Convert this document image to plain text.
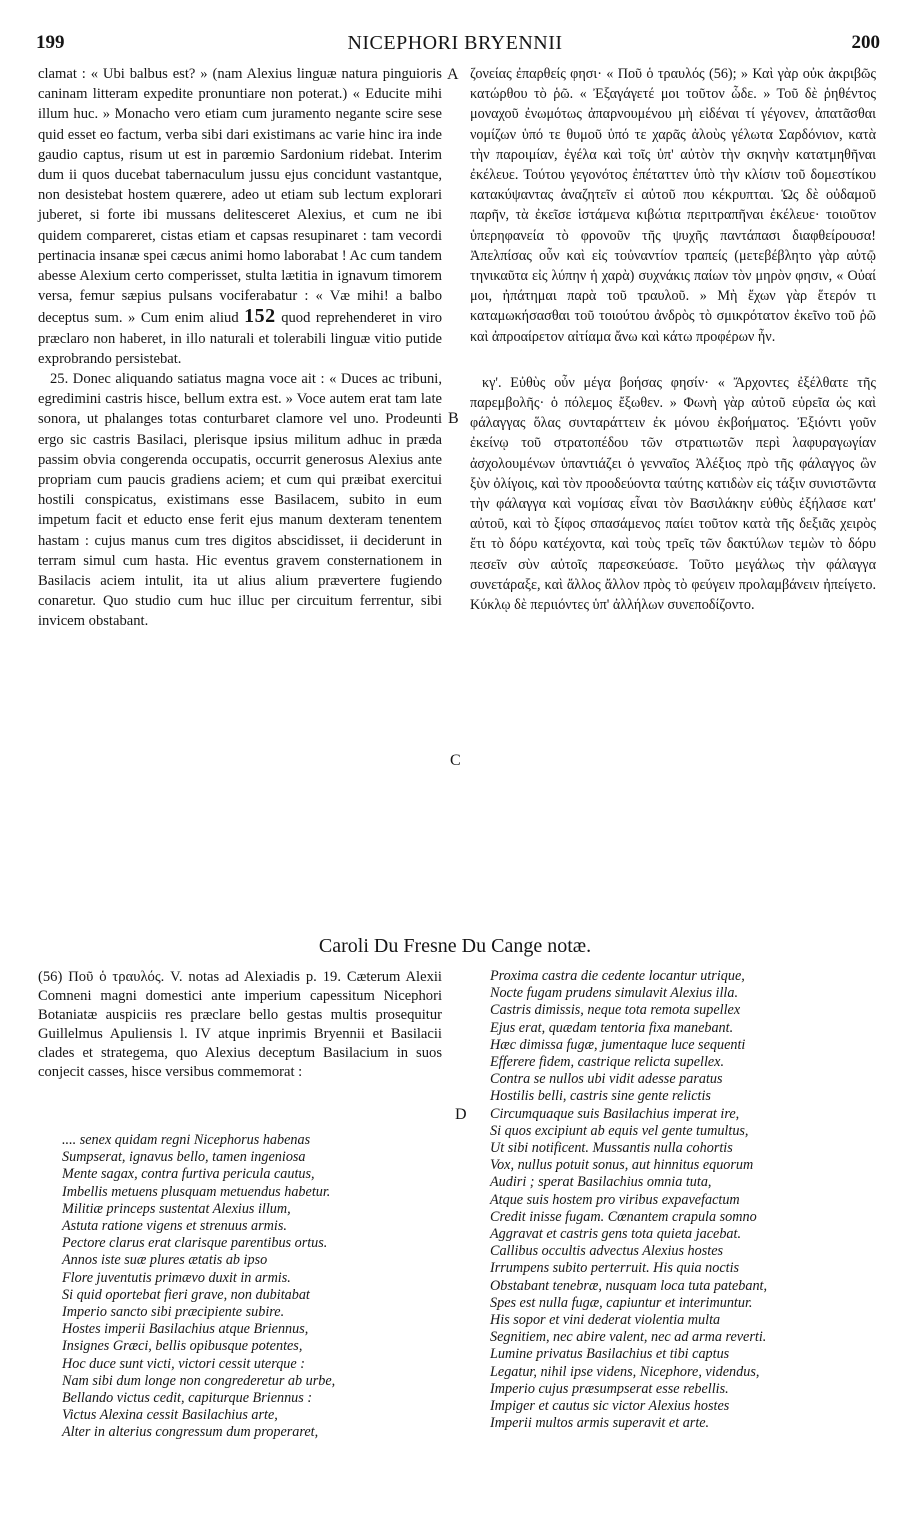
199	NICEPHORI BRYENNII	200
A
B
C
D

clamat : « Ubi balbus est? » (nam Alexius linguæ natura pinguioris caninam litteram expedite pronuntiare non poterat.) « Educite mihi illum huc. » Monacho vero etiam cum juramento negante scire sese quid esset eo factum, verba sibi dari existimans ac varie hinc ira inde gaudio captus, risum ut est in parœmio Sardonium ridebat. Interim dum ii quos ducebat tabernaculum jussu ejus concidunt vastantque, non desistebat hostem quærere, adeo ut etiam sub lectum explorari juberet, si forte ibi mussans delitesceret Alexius, et cum ne ibi quidem compareret, cistas etiam et capsas resupinaret : tam vecordi pertinacia insanæ spei cæcus animi homo laborabat ! Ac cum tandem abesse Alexium certo comperisset, stulta lætitia in ignavum timorem versa, femur sæpius pulsans vociferabatur : « Væ mihi! a balbo deceptus sum. » Cum enim aliud 152 quod reprehenderet in viro præclaro non haberet, in illo naturali et tolerabili linguæ vitio putide exprobrando persistebat.

25. Donec aliquando satiatus magna voce ait : « Duces ac tribuni, egredimini castris hisce, bellum extra est. » Voce autem erat tam late sonora, ut phalanges totas conturbaret clamore vel uno. Prodeunti ergo sic castris Basilaci, plerisque ipsius militum adhuc in præda passim obvia congerenda occupatis, occurrit generosus Alexius ante propriam cum paucis gradiens aciem; et cum qui præibat exercitui hostili conspicatus, existimans esse Basilacem, subito in eum impetum facit et educto ense ferit ejus manum dexteram tenentem hastam : cujus manus cum tres digitos abscidisset, ii deciderunt in terram simul cum hasta. Hic eventus gravem consternationem in Basilacis aciem intulit, ita ut alius alium prævertere fugiendo conaretur. Quo studio cum huc illuc per circuitum ferrentur, sibi invicem obstabant.

ζονείας ἐπαρθείς φησι· « Ποῦ ὁ τραυλός (56); » Καὶ γὰρ οὐκ ἀκριβῶς κατώρθου τὸ ῥῶ. « Ἐξαγάγετέ μοι τοῦτον ὧδε. » Τοῦ δὲ ῥηθέντος μοναχοῦ ἐνωμότως ἀπαρνουμένου μὴ εἰδέναι τί γέγονεν, ἀπατᾶσθαι νομίζων ὑπό τε θυμοῦ ὑπό τε χαρᾶς ἀλοὺς γέλωτα Σαρδόνιον, κατὰ τὴν παροιμίαν, ἐγέλα καὶ τοῖς ὑπ' αὐτὸν τὴν σκηνὴν κατατμηθῆναι ἐκέλευε. Τούτου γεγονότος ἐπέταττεν ὑπὸ τὴν κλίσιν τοῦ δομεστίκου κατακύψαντας ἀναζητεῖν εἰ αὐτοῦ που κέκρυπται. Ὡς δὲ οὐδαμοῦ παρῆν, τὰ ἐκεῖσε ἱστάμενα κιβώτια περιτραπῆναι ἐκέλευε· τοιοῦτον ὑπερηφανεία τὸ φρονοῦν τῆς ψυχῆς παντάπασι διαφθείρουσα! Ἀπελπίσας οὖν καὶ εἰς τοὐναντίον τραπείς (μετεβέβλητο γὰρ αὐτῷ τηνικαῦτα εἰς λύπην ἡ χαρὰ) συχνάκις παίων τὸν μηρὸν φησιν, « Οὐαί μοι, ἠπάτημαι παρὰ τοῦ τραυλοῦ. » Μὴ ἔχων γὰρ ἕτερόν τι καταμωκήσασθαι τοῦ τοιούτου ἀνδρὸς τὸ σμικρότατον ἐκεῖνο τοῦ ῥῶ καὶ ἀπροαίρετον αἰτίαμα ἄνω καὶ κάτω προφέρων ἦν.

κγ'. Εὐθὺς οὖν μέγα βοήσας φησίν· « Ἄρχοντες ἐξέλθατε τῆς παρεμβολῆς· ὁ πόλεμος ἔξωθεν. » Φωνὴ γὰρ αὐτοῦ εὑρεῖα ὡς καὶ φάλαγγας ὅλας συνταράττειν ἐκ μόνου ἐκβοήματος. Ἐξιόντι γοῦν ἐκείνῳ τοῦ στρατοπέδου τῶν στρατιωτῶν περὶ λαφυραγωγίαν ἀσχολουμένων ὑπαντιάζει ὁ γενναῖος Ἀλέξιος πρὸ τῆς φάλαγγος ὢν ξὺν ὀλίγοις, καὶ τὸν προοδεύοντα ταύτης κατιδὼν εἰς τάξιν συνιστῶντα τὴν φάλαγγα καὶ νομίσας εἶναι τὸν Βασιλάκην εὐθὺς ἐξήλασε κατ' αὐτοῦ, καὶ τὸ ξίφος σπασάμενος παίει τοῦτον κατὰ τῆς δεξιᾶς χειρὸς ἔτι τὸ δόρυ κατέχοντα, καὶ τοὺς τρεῖς τῶν δακτύλων τεμὼν τὸ δόρυ πεσεῖν σὺν αὐτοῖς παρεσκεύασε. Τοῦτο μεγάλως τὴν φάλαγγα συνετάραξε, καὶ ἄλλος ἄλλον πρὸς τὸ φεύγειν προλαμβάνειν ἠπείγετο. Κύκλῳ δὲ περιιόντες ὑπ' ἀλλήλων συνεποδίζοντο.

Caroli Du Fresne Du Cange notæ.
(56) Ποῦ ὁ τραυλός. V. notas ad Alexiadis p. 19. Cæterum Alexii Comneni magni domestici ante imperium capessitum Nicephori Botaniatæ auspiciis res præclare bello gestas multis prosequitur Guillelmus Apuliensis l. IV atque inprimis Bryennii et Basilacii clades et strategema, quo Alexius deceptum Basilacium in suos conjecit casses, hisce versibus commemorat :
.... senex quidam regni Nicephorus habenas
Sumpserat, ignavus bello, tamen ingeniosa
Mente sagax, contra furtiva pericula cautus,
Imbellis metuens plusquam metuendus habetur.
Militiæ princeps sustentat Alexius illum,
Astuta ratione vigens et strenuus armis.
Pectore clarus erat clarisque parentibus ortus.
Annos iste suæ plures ætatis ab ipso
Flore juventutis primævo duxit in armis.
Si quid oportebat fieri grave, non dubitabat
Imperio sancto sibi præcipiente subire.
Hostes imperii Basilachius atque Briennus,
Insignes Græci, bellis opibusque potentes,
Hoc duce sunt victi, victori cessit uterque :
Nam sibi dum longe non congrederetur ab urbe,
Bellando victus cedit, capiturque Briennus :
Victus Alexina cessit Basilachius arte,
Alter in alterius congressum dum properaret,
Proxima castra die cedente locantur utrique,
Nocte fugam prudens simulavit Alexius illa.
Castris dimissis, neque tota remota supellex
Ejus erat, quædam tentoria fixa manebant.
Hæc dimissa fugæ, jumentaque luce sequenti
Efferere fidem, castrique relicta supellex.
Contra se nullos ubi vidit adesse paratus
Hostilis belli, castris sine gente relictis
Circumquaque suis Basilachius imperat ire,
Si quos excipiunt ab equis vel gente tumultus,
Ut sibi notificent. Mussantis nulla cohortis
Vox, nullus potuit sonus, aut hinnitus equorum
Audiri ; sperat Basilachius omnia tuta,
Atque suis hostem pro viribus expavefactum
Credit inisse fugam. Cœnantem crapula somno
Aggravat et castris gens tota quieta jacebat.
Callibus occultis advectus Alexius hostes
Irrumpens subito perterruit. His quia noctis
Obstabant tenebræ, nusquam loca tuta patebant,
Spes est nulla fugæ, capiuntur et interimuntur.
His sopor et vini dederat violentia multa
Segnitiem, nec abire valent, nec ad arma reverti.
Lumine privatus Basilachius et tibi captus
Legatur, nihil ipse videns, Nicephore, videndus,
Imperio cujus præsumpserat esse rebellis.
Impiger et cautus sic victor Alexius hostes
Imperii multos armis superavit et arte.
